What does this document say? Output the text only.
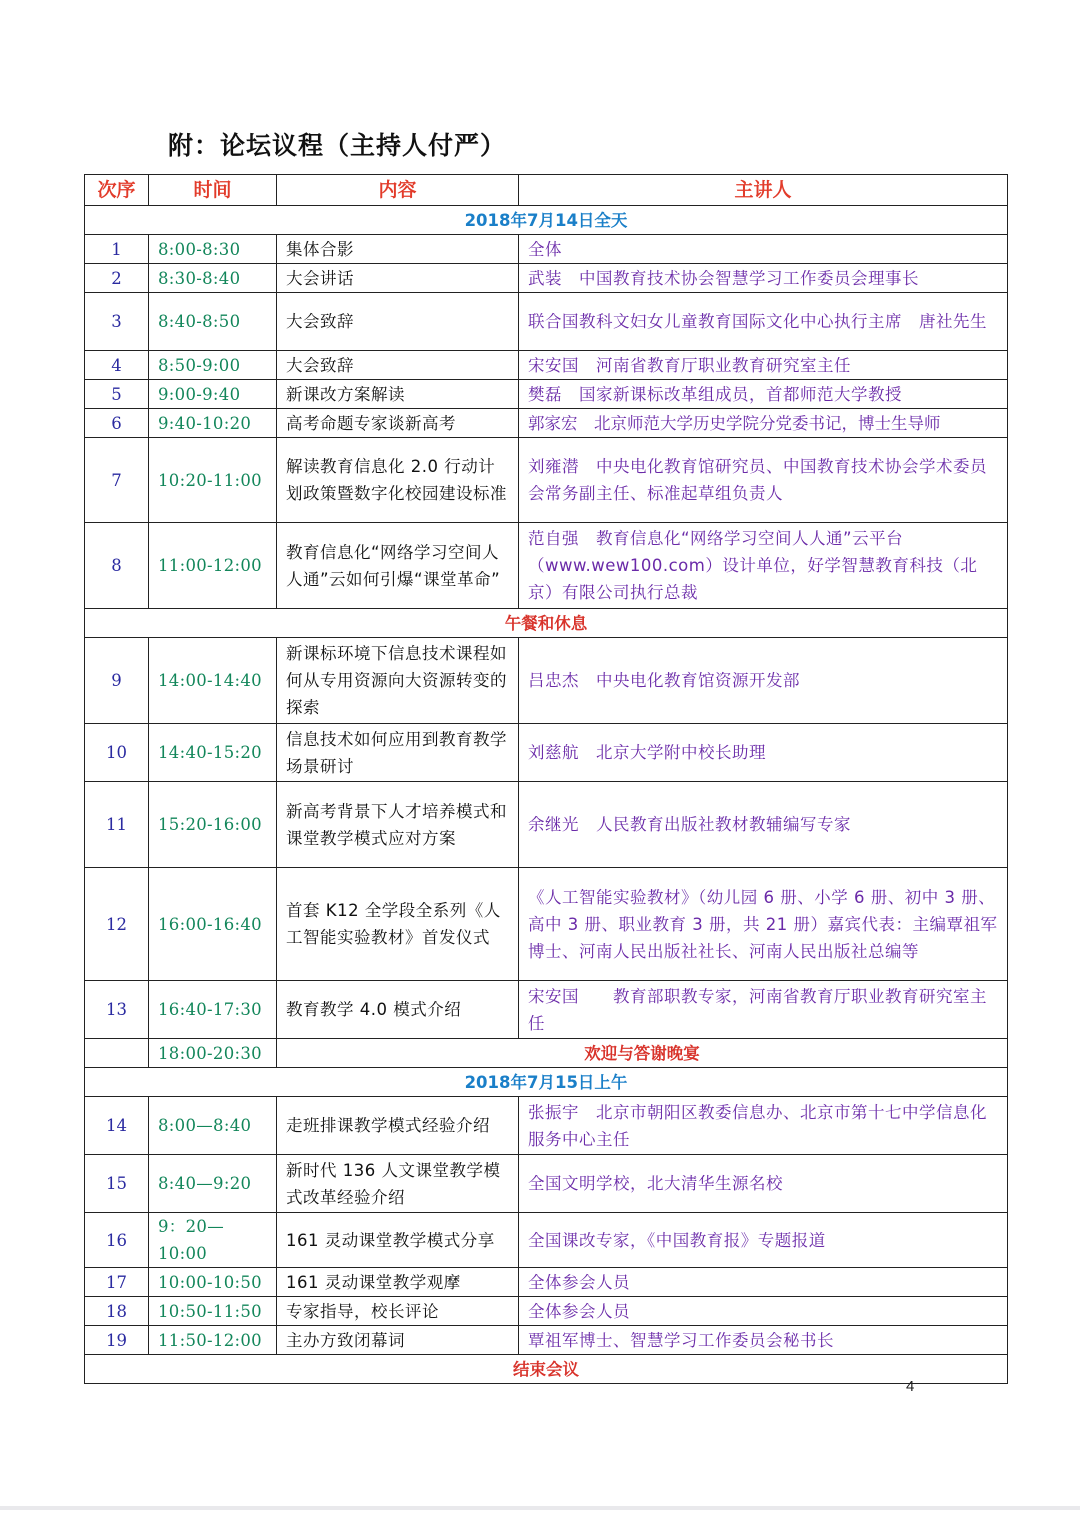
附：论坛议程（主持人付严）
次序	时间	内容	主讲人
2018年7月14日全天			
1	8:00-8:30	集体合影	全体
2	8:30-8:40	大会讲话	武装　中国教育技术协会智慧学习工作委员会理事长
3	8:40-8:50	大会致辞	联合国教科文妇女儿童教育国际文化中心执行主席　唐社先生
4	8:50-9:00	大会致辞	宋安国　河南省教育厅职业教育研究室主任
5	9:00-9:40	新课改方案解读	樊磊　国家新课标改革组成员，首都师范大学教授
6	9:40-10:20	高考命题专家谈新高考	郭家宏　北京师范大学历史学院分党委书记，博士生导师
7	10:20-11:00	解读教育信息化 2.0 行动计划政策暨数字化校园建设标准	刘雍潜　中央电化教育馆研究员、中国教育技术协会学术委员会常务副主任、标准起草组负责人
8	11:00-12:00	教育信息化“网络学习空间人人通”云如何引爆“课堂革命”	范自强　教育信息化“网络学习空间人人通”云平台（www.wew100.com）设计单位，好学智慧教育科技（北京）有限公司执行总裁
午餐和休息			
9	14:00-14:40	新课标环境下信息技术课程如何从专用资源向大资源转变的探索	吕忠杰　中央电化教育馆资源开发部
10	14:40-15:20	信息技术如何应用到教育教学场景研讨	刘慈航　北京大学附中校长助理
11	15:20-16:00	新高考背景下人才培养模式和课堂教学模式应对方案	余继光　人民教育出版社教材教辅编写专家
12	16:00-16:40	首套 K12 全学段全系列《人工智能实验教材》首发仪式	《人工智能实验教材》（幼儿园 6 册、小学 6 册、初中 3 册、高中 3 册、职业教育 3 册，共 21 册）嘉宾代表：主编覃祖军博士、河南人民出版社社长、河南人民出版社总编等
13	16:40-17:30	教育教学 4.0 模式介绍	宋安国　　教育部职教专家，河南省教育厅职业教育研究室主任
	18:00-20:30	欢迎与答谢晚宴	
2018年7月15日上午			
14	8:00—8:40	走班排课教学模式经验介绍	张振宇　北京市朝阳区教委信息办、北京市第十七中学信息化服务中心主任
15	8:40—9:20	新时代 136 人文课堂教学模式改革经验介绍	全国文明学校，北大清华生源名校
16	9：20—10:00	161 灵动课堂教学模式分享	全国课改专家，《中国教育报》专题报道
17	10:00-10:50	161 灵动课堂教学观摩	全体参会人员
18	10:50-11:50	专家指导，校长评论	全体参会人员
19	11:50-12:00	主办方致闭幕词	覃祖军博士、智慧学习工作委员会秘书长
结束会议			
4
